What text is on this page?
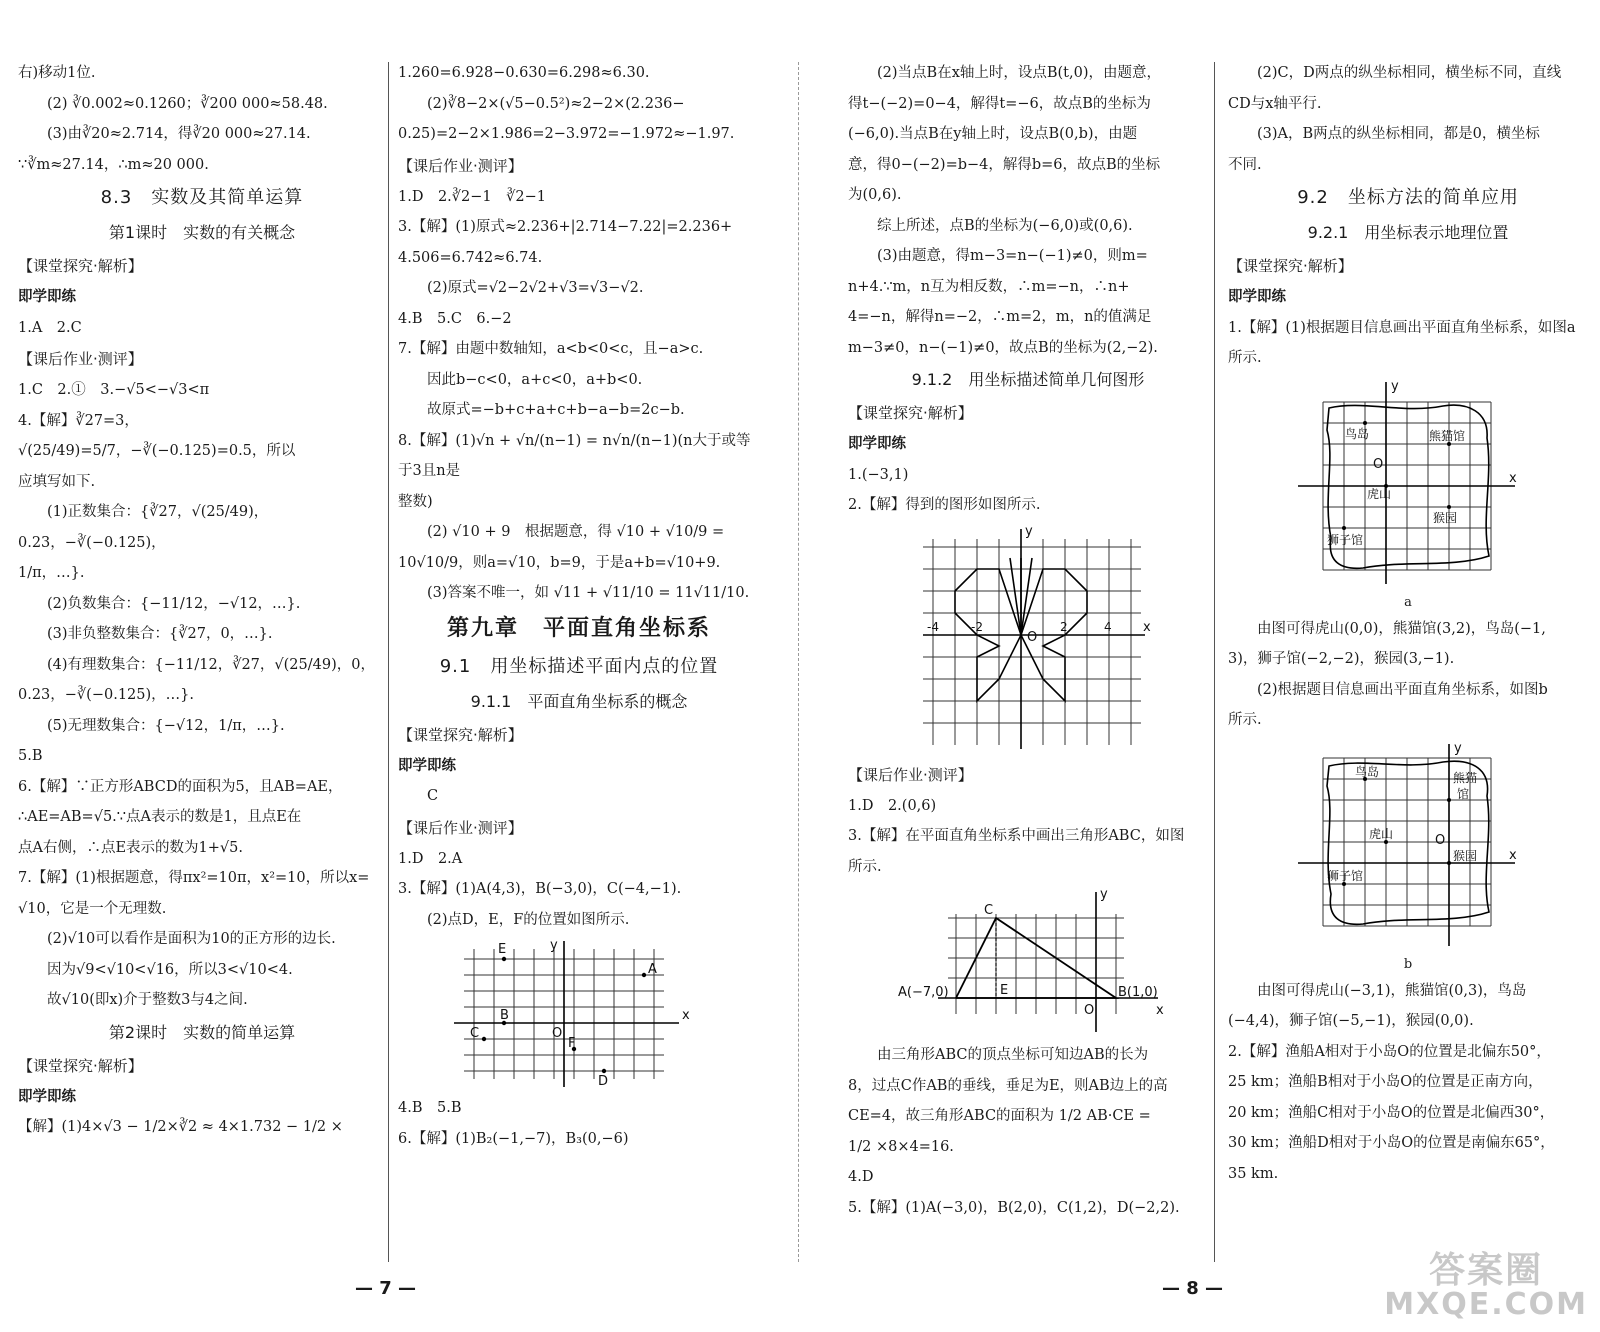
右)移动1位.

(2) ∛0.002≈0.1260；∛200 000≈58.48.

(3)由∛20≈2.714，得∛20 000≈27.14.

∵∛m≈27.14，∴m≈20 000.

8.3　实数及其简单运算

第1课时　实数的有关概念

【课堂探究·解析】

即学即练

1.A　2.C

【课后作业·测评】

1.C　2.①　3.−√5<−√3<π

4.【解】∛27=3，√(25/49)=5/7，−∛(−0.125)=0.5，所以

应填写如下.

(1)正数集合：{∛27，√(25/49)，0.23，−∛(−0.125)，

1/π，…}.

(2)负数集合：{−11/12，−√12，…}.

(3)非负整数集合：{∛27，0，…}.

(4)有理数集合：{−11/12，∛27，√(25/49)，0，

0.23，−∛(−0.125)，…}.

(5)无理数集合：{−√12，1/π，…}.

5.B

6.【解】∵正方形ABCD的面积为5，且AB=AE，

∴AE=AB=√5.∵点A表示的数是1，且点E在

点A右侧，∴点E表示的数为1+√5.

7.【解】(1)根据题意，得πx²=10π，x²=10，所以x=

√10，它是一个无理数.

(2)√10可以看作是面积为10的正方形的边长.

因为√9<√10<√16，所以3<√10<4.

故√10(即x)介于整数3与4之间.

第2课时　实数的简单运算

【课堂探究·解析】

即学即练

【解】(1)4×√3 − 1/2×∛2 ≈ 4×1.732 − 1/2 ×

1.260=6.928−0.630=6.298≈6.30.

(2)∛8−2×(√5−0.5²)≈2−2×(2.236−

0.25)=2−2×1.986=2−3.972=−1.972≈−1.97.

【课后作业·测评】

1.D　2.∛2−1　∛2−1

3.【解】(1)原式≈2.236+|2.714−7.22|=2.236+

4.506=6.742≈6.74.

(2)原式=√2−2√2+√3=√3−√2.

4.B　5.C　6.−2

7.【解】由题中数轴知，a<b<0<c，且−a>c.

因此b−c<0，a+c<0，a+b<0.

故原式=−b+c+a+c+b−a−b=2c−b.

8.【解】(1)√n + √n/(n−1) = n√n/(n−1)(n大于或等于3且n是

整数)

(2) √10 + 9　根据题意，得 √10 + √10/9 =

10√10/9，则a=√10，b=9，于是a+b=√10+9.

(3)答案不唯一，如 √11 + √11/10 = 11√11/10.

第九章　平面直角坐标系

9.1　用坐标描述平面内点的位置

9.1.1　平面直角坐标系的概念

【课堂探究·解析】

即学即练

C

【课后作业·测评】

1.D　2.A

3.【解】(1)A(4,3)，B(−3,0)，C(−4,−1).

(2)点D，E，F的位置如图所示.

E
A
B
C
F
D
O
x
y

4.B　5.B

6.【解】(1)B₂(−1,−7)，B₃(0,−6)

(2)当点B在x轴上时，设点B(t,0)，由题意，

得t−(−2)=0−4，解得t=−6，故点B的坐标为

(−6,0).当点B在y轴上时，设点B(0,b)，由题

意，得0−(−2)=b−4，解得b=6，故点B的坐标

为(0,6).

综上所述，点B的坐标为(−6,0)或(0,6).

(3)由题意，得m−3=n−(−1)≠0，则m=

n+4.∵m，n互为相反数，∴m=−n，∴n+

4=−n，解得n=−2，∴m=2，m，n的值满足

m−3≠0，n−(−1)≠0，故点B的坐标为(2,−2).

9.1.2　用坐标描述简单几何图形

【课堂探究·解析】

即学即练

1.(−3,1)

2.【解】得到的图形如图所示.

O
x
y
-4	-2	2	4

【课后作业·测评】

1.D　2.(0,6)

3.【解】在平面直角坐标系中画出三角形ABC，如图

所示.

A(−7,0)	B(1,0)
C
E
O	x
y

由三角形ABC的顶点坐标可知边AB的长为

8，过点C作AB的垂线，垂足为E，则AB边上的高

CE=4，故三角形ABC的面积为 1/2 AB·CE =

1/2 ×8×4=16.

4.D

5.【解】(1)A(−3,0)，B(2,0)，C(1,2)，D(−2,2).

(2)C，D两点的纵坐标相同，横坐标不同，直线

CD与x轴平行.

(3)A，B两点的纵坐标相同，都是0，横坐标

不同.

9.2　坐标方法的简单应用

9.2.1　用坐标表示地理位置

【课堂探究·解析】

即学即练

1.【解】(1)根据题目信息画出平面直角坐标系，如图a

所示.

鸟岛	熊猫馆
虎山
猴园
狮子馆
O
x
y

a

由图可得虎山(0,0)，熊猫馆(3,2)，鸟岛(−1,

3)，狮子馆(−2,−2)，猴园(3,−1).

(2)根据题目信息画出平面直角坐标系，如图b

所示.

鸟岛	熊猫
馆
虎山
猴园
狮子馆
O
x
y

b

由图可得虎山(−3,1)，熊猫馆(0,3)，鸟岛

(−4,4)，狮子馆(−5,−1)，猴园(0,0).

2.【解】渔船A相对于小岛O的位置是北偏东50°，

25 km；渔船B相对于小岛O的位置是正南方向，

20 km；渔船C相对于小岛O的位置是北偏西30°，

30 km；渔船D相对于小岛O的位置是南偏东65°，

35 km.

— 7 —	— 8 —	答案圈
MXQE.COM
